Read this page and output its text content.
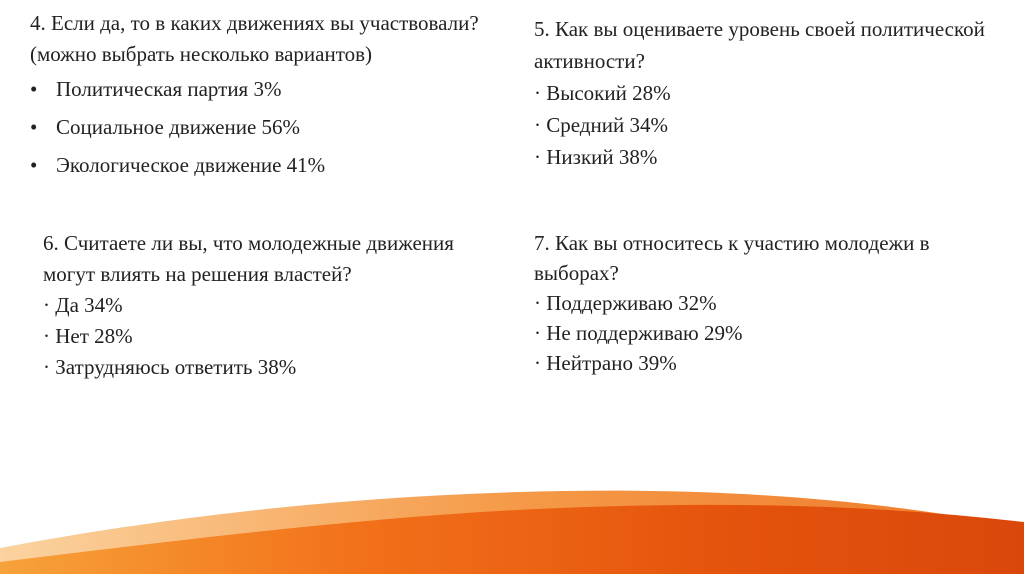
4. Если да, то в каких движениях вы участвовали? (можно выбрать несколько вариантов)
• Политическая партия 3%
• Социальное движение 56%
• Экологическое движение 41%
5. Как вы оцениваете уровень своей политической активности?
· Высокий 28%
· Средний 34%
· Низкий 38%
6. Считаете ли вы, что молодежные движения могут влиять на решения властей?
· Да 34%
· Нет 28%
· Затрудняюсь ответить 38%
7. Как вы относитесь к участию молодежи в выборах?
· Поддерживаю 32%
· Не поддерживаю 29%
· Нейтрано 39%
